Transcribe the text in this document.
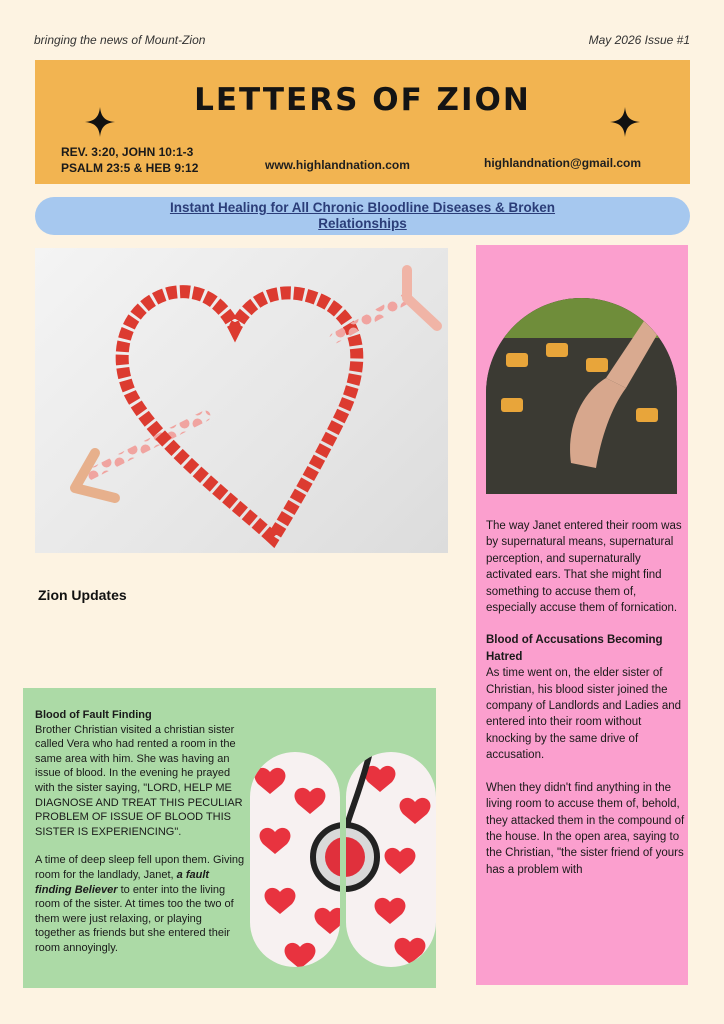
bringing the news of Mount-Zion	May 2026 Issue #1
LETTERS OF ZION
REV. 3:20, JOHN 10:1-3
PSALM 23:5 & HEB 9:12	www.highlandnation.com	highlandnation@gmail.com
Instant Healing for All Chronic Bloodline Diseases & Broken Relationships
Zion Updates
Blood of Fault Finding

Brother Christian visited a christian sister called Vera who had rented a room in the same area with him. She was having an issue of blood. In the evening he prayed with the sister saying, "LORD, HELP ME DIAGNOSE AND TREAT THIS PECULIAR PROBLEM OF ISSUE OF BLOOD THIS SISTER IS EXPERIENCING".

A time of deep sleep fell upon them. Giving room for the landlady, Janet, a fault finding Believer to enter into the living room of the sister. At times too the two of them were just relaxing, or playing together as friends but she entered their room annoyingly.

The way Janet entered their room was by supernatural means, supernatural perception, and supernaturally activated ears. That she might find something to accuse them of, especially accuse them of fornication.

Blood of Accusations Becoming Hatred

As time went on, the elder sister of Christian, his blood sister joined the company of Landlords and Ladies and entered into their room without knocking by the same drive of accusation.

When they didn't find anything in the living room to accuse them of, behold, they attacked them in the compound of the house. In the open area, saying to the Christian, "the sister friend of yours has a problem with
